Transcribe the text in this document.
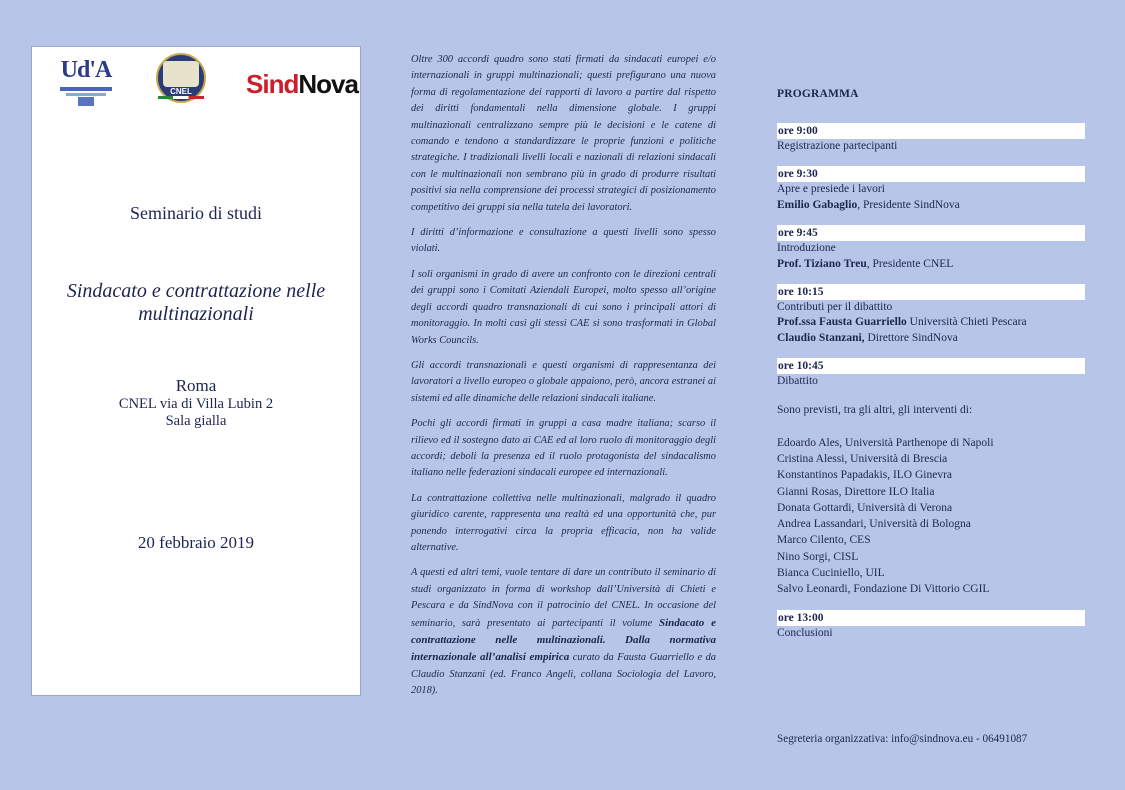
Ud'A
CNEL	SindNova
Seminario di studi
Sindacato e contrattazione nelle multinazionali
Roma
CNEL via di Villa Lubin 2
Sala gialla
20 febbraio 2019

Oltre 300 accordi quadro sono stati firmati da sindacati europei e/o internazionali in gruppi multinazionali; questi prefigurano una nuova forma di regolamentazione dei rapporti di lavoro a partire dal rispetto dei diritti fondamentali nella dimensione globale. I gruppi multinazionali centralizzano sempre più le decisioni e le catene di comando e tendono a standardizzare le proprie funzioni e politiche strategiche. I tradizionali livelli locali e nazionali di relazioni sindacali con le multinazionali non sembrano più in grado di produrre risultati positivi sia nella comprensione dei processi strategici di posizionamento competitivo dei gruppi sia nella tutela dei lavoratori.

I diritti d’informazione e consultazione a questi livelli sono spesso violati.

I soli organismi in grado di avere un confronto con le direzioni centrali dei gruppi sono i Comitati Aziendali Europei, molto spesso all’origine degli accordi quadro transnazionali di cui sono i principali attori di monitoraggio. In molti casi gli stessi CAE si sono trasformati in Global Works Councils.

Gli accordi transnazionali e questi organismi di rappresentanza dei lavoratori a livello europeo o globale appaiono, però, ancora estranei ai sistemi ed alle dinamiche delle relazioni sindacali italiane.

Pochi gli accordi firmati in gruppi a casa madre italiana; scarso il rilievo ed il sostegno dato ai CAE ed al loro ruolo di monitoraggio degli accordi; deboli la presenza ed il ruolo protagonista del sindacalismo italiano nelle federazioni sindacali europee ed internazionali.

La contrattazione collettiva nelle multinazionali, malgrado il quadro giuridico carente, rappresenta una realtà ed una opportunità che, pur ponendo interrogativi circa la propria efficacia, non ha valide alternative.

A questi ed altri temi, vuole tentare di dare un contributo il seminario di studi organizzato in forma di workshop dall’Università di Chieti e Pescara e da SindNova con il patrocinio del CNEL. In occasione del seminario, sarà presentato ai partecipanti il volume Sindacato e contrattazione nelle multinazionali. Dalla normativa internazionale all’analisi empirica curato da Fausta Guarriello e da Claudio Stanzani (ed. Franco Angeli, collana Sociologia del Lavoro, 2018).

PROGRAMMA
ore 9:00
Registrazione partecipanti
ore 9:30
Apre e presiede i lavori
Emilio Gabaglio, Presidente SindNova
ore 9:45
Introduzione
Prof. Tiziano Treu, Presidente CNEL
ore 10:15
Contributi per il dibattito
Prof.ssa Fausta Guarriello Università Chieti Pescara
Claudio Stanzani, Direttore SindNova
ore 10:45
Dibattito
Sono previsti, tra gli altri, gli interventi di:
Edoardo Ales, Università Parthenope di Napoli
Cristina Alessi, Università di Brescia
Konstantinos Papadakis, ILO Ginevra
Gianni Rosas, Direttore ILO Italia
Donata Gottardi, Università di Verona
Andrea Lassandari, Università di Bologna
Marco Cilento, CES
Nino Sorgi, CISL
Bianca Cuciniello, UIL
Salvo Leonardi, Fondazione Di Vittorio CGIL
ore 13:00
Conclusioni
Segreteria organizzativa: info@sindnova.eu - 06491087
